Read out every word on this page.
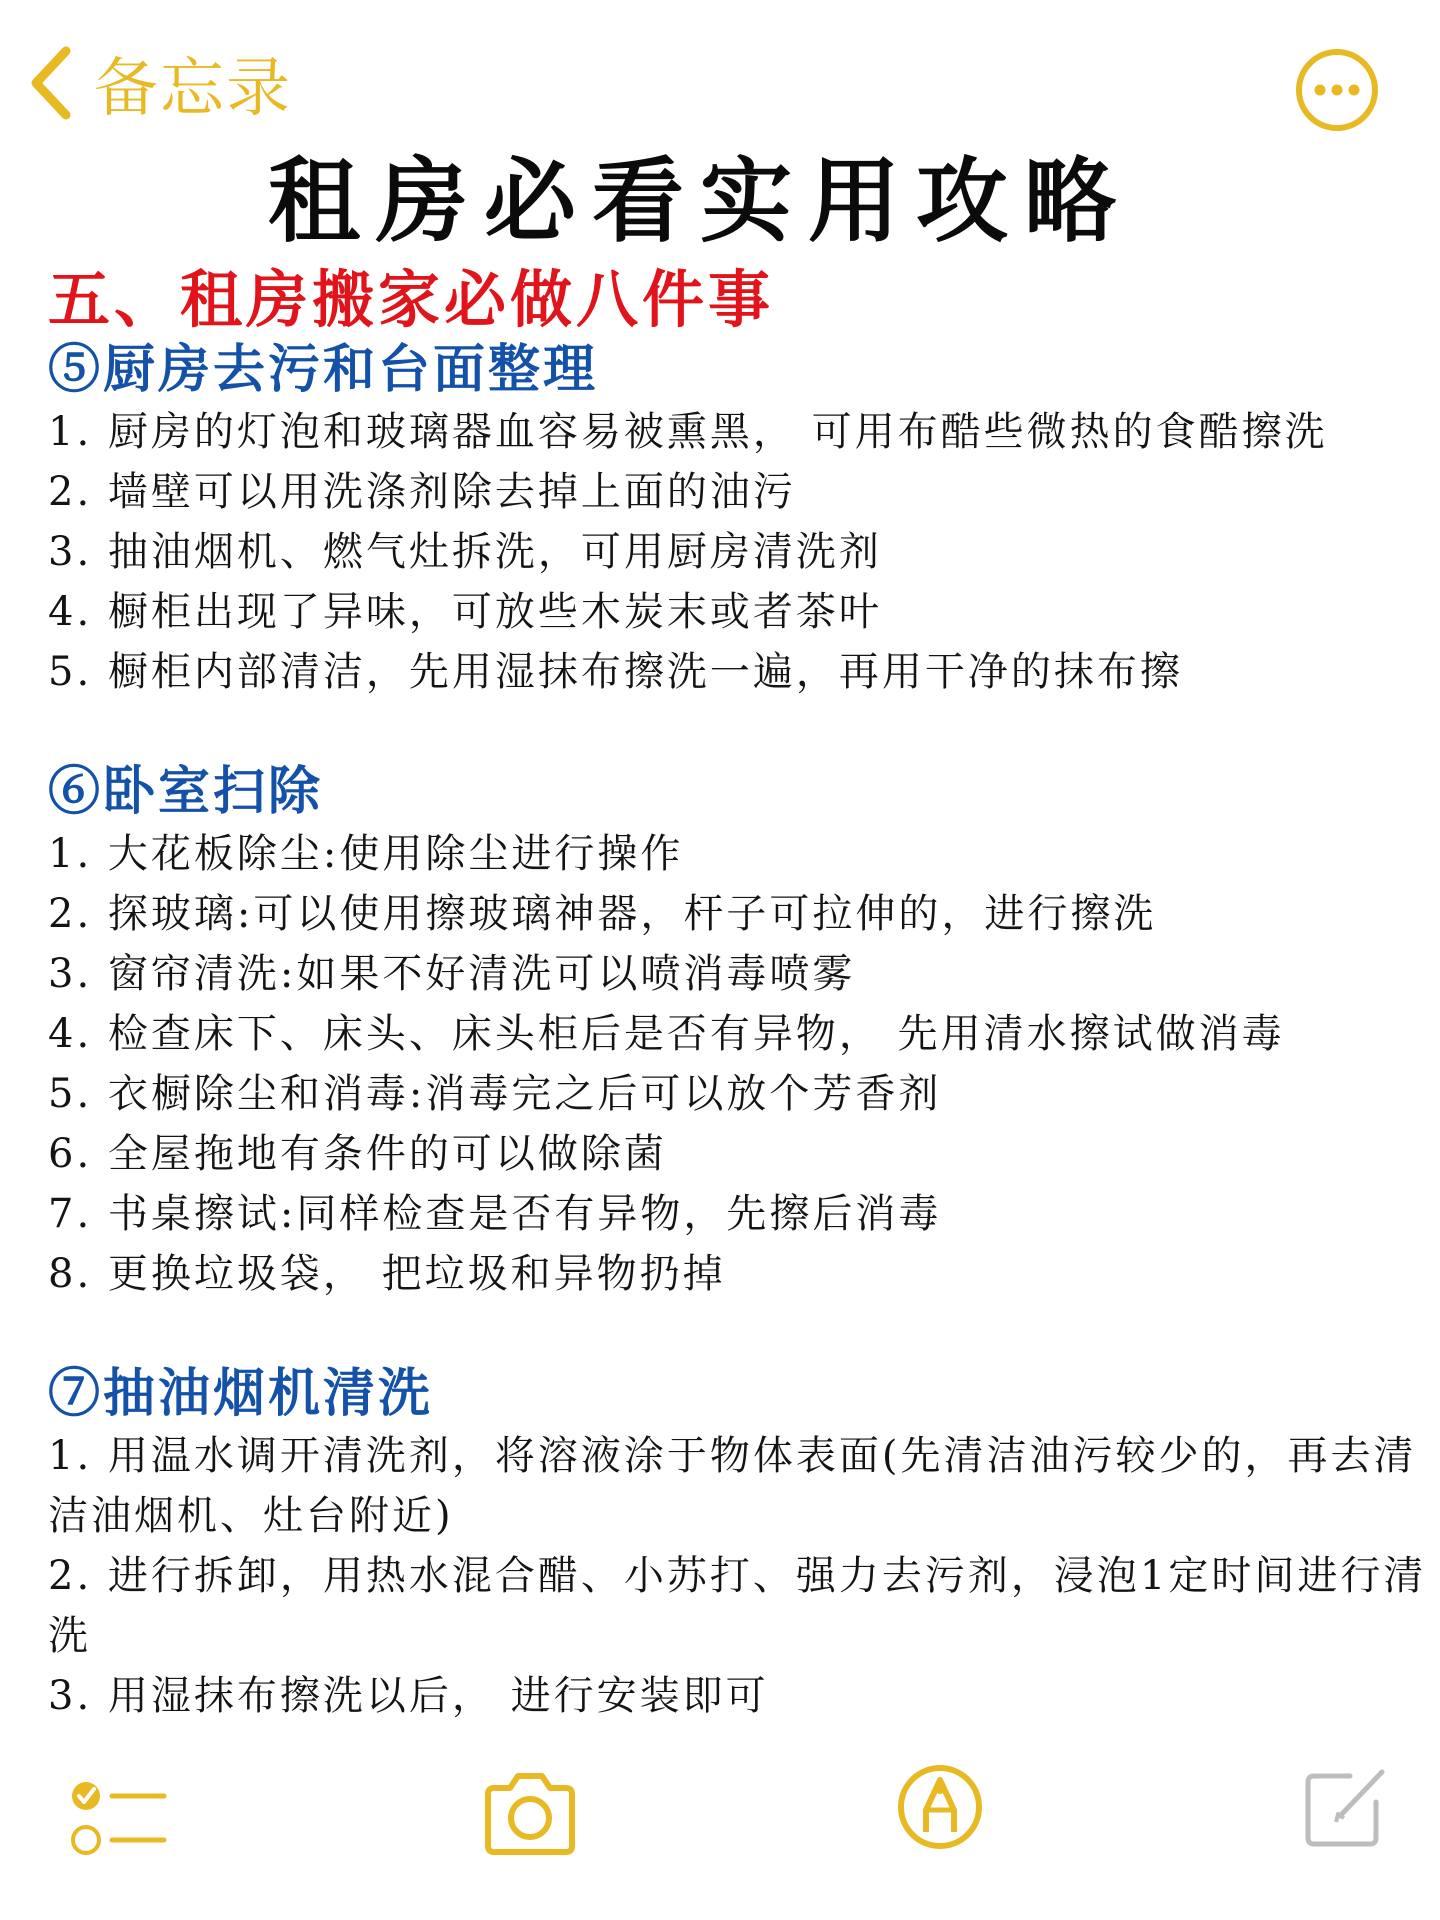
备忘录
租房必看实用攻略
五、租房搬家必做八件事
⑤厨房去污和台面整理
1. 厨房的灯泡和玻璃器血容易被熏黑， 可用布酷些微热的食酷擦洗
2. 墙壁可以用洗涤剂除去掉上面的油污
3. 抽油烟机、燃气灶拆洗，可用厨房清洗剂
4. 橱柜出现了异味，可放些木炭末或者茶叶
5. 橱柜内部清洁，先用湿抹布擦洗一遍，再用干净的抹布擦
⑥卧室扫除
1. 大花板除尘:使用除尘进行操作
2. 探玻璃:可以使用擦玻璃神器，杆子可拉伸的，进行擦洗
3. 窗帘清洗:如果不好清洗可以喷消毒喷雾
4. 检查床下、床头、床头柜后是否有异物， 先用清水擦试做消毒
5. 衣橱除尘和消毒:消毒完之后可以放个芳香剂
6. 全屋拖地有条件的可以做除菌
7. 书桌擦试:同样检查是否有异物，先擦后消毒
8. 更换垃圾袋， 把垃圾和异物扔掉
⑦抽油烟机清洗
1. 用温水调开清洗剂，将溶液涂于物体表面(先清洁油污较少的，再去清洁油烟机、灶台附近)
2. 进行拆卸，用热水混合醋、小苏打、强力去污剂，浸泡1定时间进行清洗
3. 用湿抹布擦洗以后， 进行安装即可
